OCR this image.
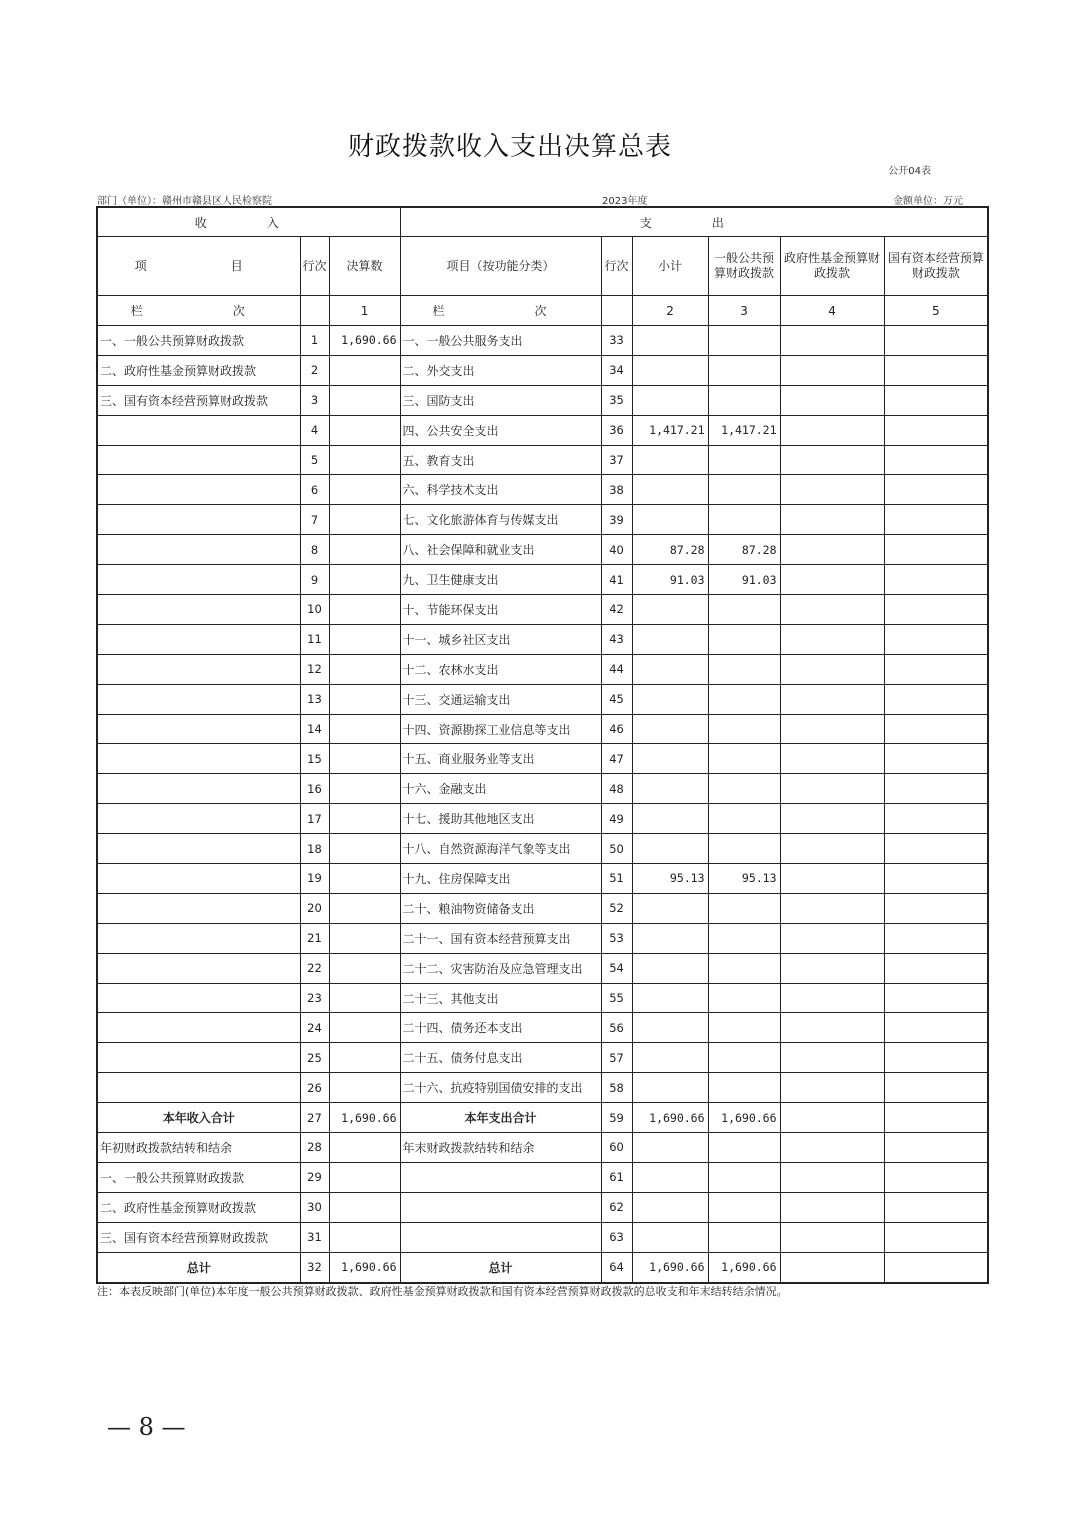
财政拨款收入支出决算总表
公开04表
部门（单位）：赣州市赣县区人民检察院	2023年度	金额单位：万元
收　入			支　出					
项　　目	行次	决算数	项目（按功能分类）	行次	小计	一般公共预算财政拨款	政府性基金预算财政拨款	国有资本经营预算财政拨款
栏　　次		1	栏　　次		2	3	4	5
一、一般公共预算财政拨款	1	1,690.66	一、一般公共服务支出	33				
二、政府性基金预算财政拨款	2		二、外交支出	34				
三、国有资本经营预算财政拨款	3		三、国防支出	35				
	4		四、公共安全支出	36	1,417.21	1,417.21		
	5		五、教育支出	37				
	6		六、科学技术支出	38				
	7		七、文化旅游体育与传媒支出	39				
	8		八、社会保障和就业支出	40	87.28	87.28		
	9		九、卫生健康支出	41	91.03	91.03		
	10		十、节能环保支出	42				
	11		十一、城乡社区支出	43				
	12		十二、农林水支出	44				
	13		十三、交通运输支出	45				
	14		十四、资源勘探工业信息等支出	46				
	15		十五、商业服务业等支出	47				
	16		十六、金融支出	48				
	17		十七、援助其他地区支出	49				
	18		十八、自然资源海洋气象等支出	50				
	19		十九、住房保障支出	51	95.13	95.13		
	20		二十、粮油物资储备支出	52				
	21		二十一、国有资本经营预算支出	53				
	22		二十二、灾害防治及应急管理支出	54				
	23		二十三、其他支出	55				
	24		二十四、债务还本支出	56				
	25		二十五、债务付息支出	57				
	26		二十六、抗疫特别国债安排的支出	58				
本年收入合计	27	1,690.66	本年支出合计	59	1,690.66	1,690.66		
年初财政拨款结转和结余	28		年末财政拨款结转和结余	60				
一、一般公共预算财政拨款	29			61				
二、政府性基金预算财政拨款	30			62				
三、国有资本经营预算财政拨款	31			63				
总计	32	1,690.66	总计	64	1,690.66	1,690.66		
注：本表反映部门(单位)本年度一般公共预算财政拨款、政府性基金预算财政拨款和国有资本经营预算财政拨款的总收支和年末结转结余情况。
— 8 —
